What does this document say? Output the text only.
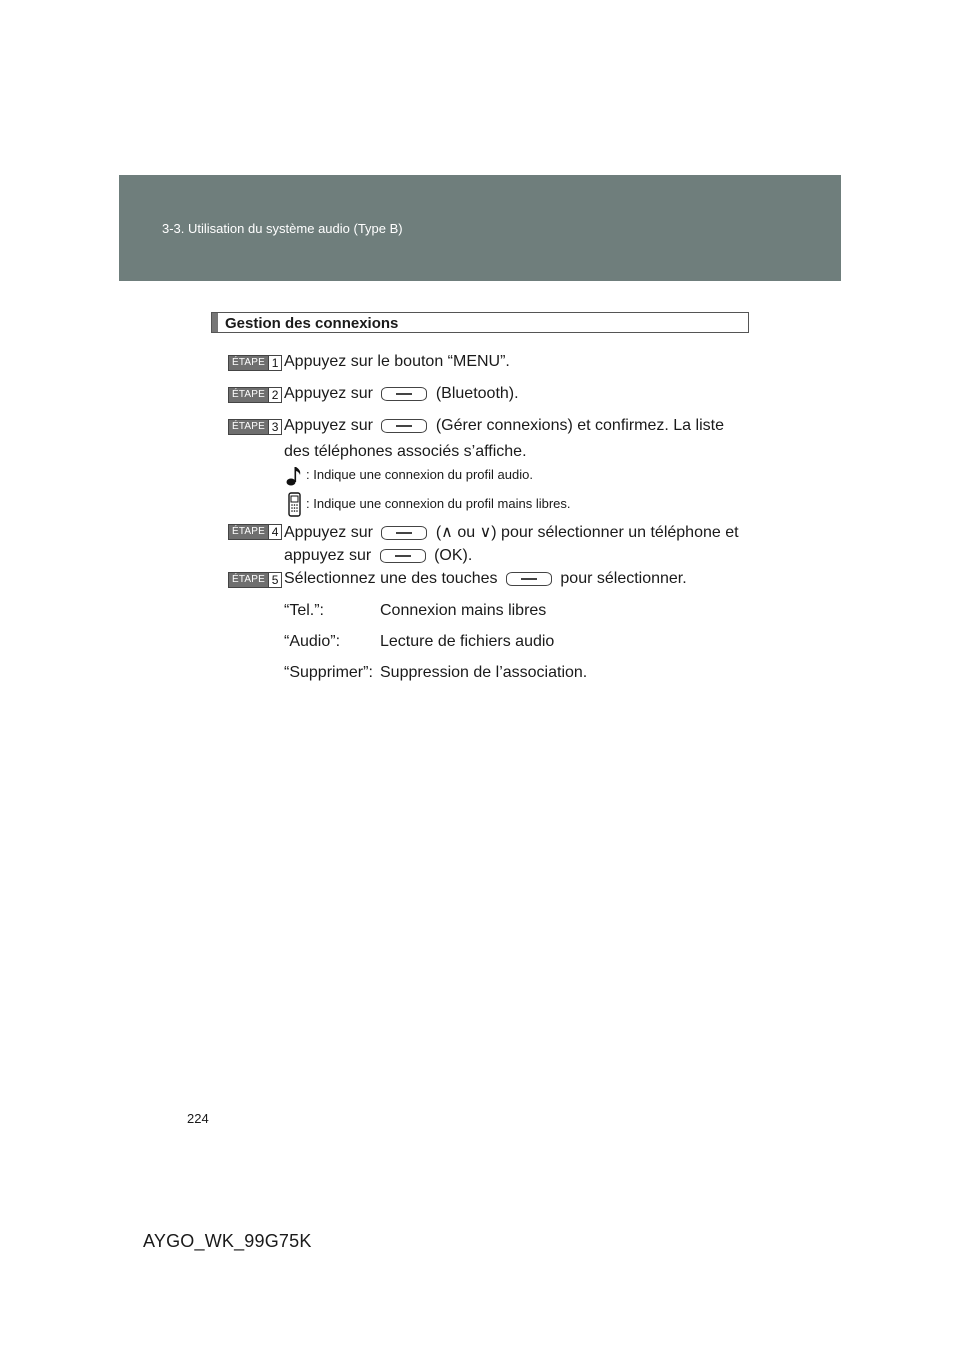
3-3. Utilisation du système audio (Type B)
Gestion des connexions
ÉTAPE 1 Appuyez sur le bouton “MENU”.
ÉTAPE 2 Appuyez sur	(Bluetooth).
ÉTAPE 3 Appuyez sur	(Gérer connexions) et confirmez. La liste
des téléphones associés s’affiche.
: Indique une connexion du profil audio.
: Indique une connexion du profil mains libres.
ÉTAPE 4 Appuyez sur	(∧ ou ∨) pour sélectionner un téléphone et
appuyez sur	(OK).
ÉTAPE 5 Sélectionnez une des touches	pour sélectionner.
“Tel.”:	Connexion mains libres
“Audio”: Lecture de fichiers audio
“Supprimer”: Suppression de l’association.
224
AYGO_WK_99G75K
